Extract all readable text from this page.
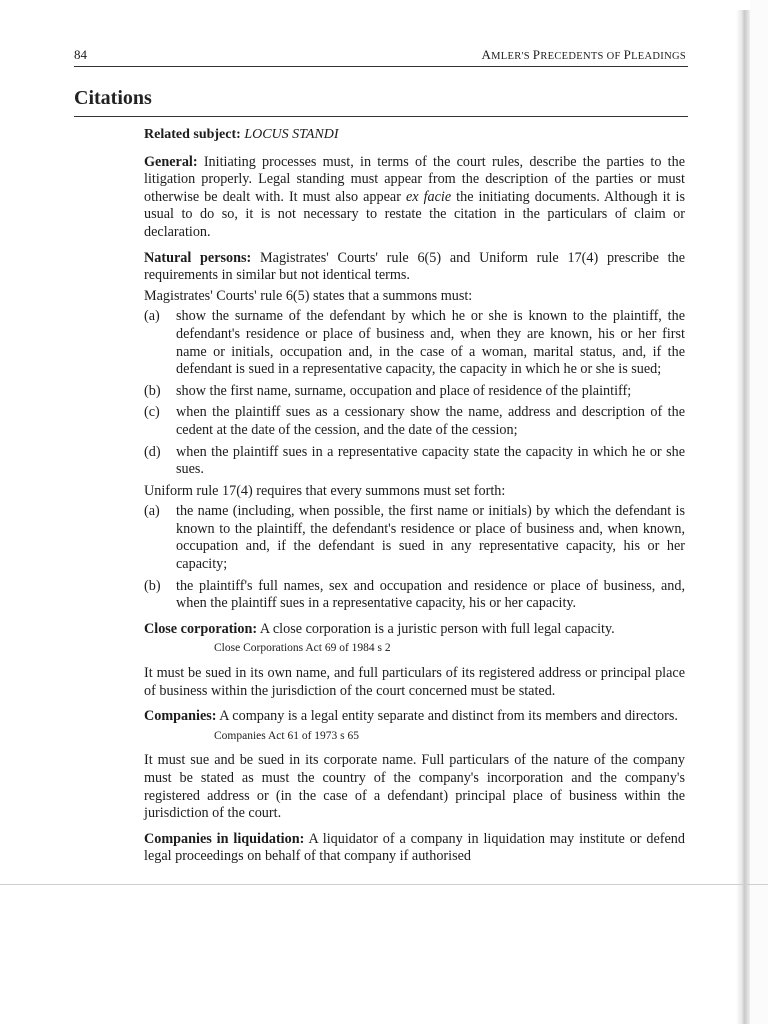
84	AMLER'S PRECEDENTS OF PLEADINGS
Citations

Related subject: LOCUS STANDI

General: Initiating processes must, in terms of the court rules, describe the parties to the litigation properly. Legal standing must appear from the description of the parties or must otherwise be dealt with. It must also appear ex facie the initiating documents. Although it is usual to do so, it is not necessary to restate the citation in the particulars of claim or declaration.

Natural persons: Magistrates' Courts' rule 6(5) and Uniform rule 17(4) prescribe the requirements in similar but not identical terms.

Magistrates' Courts' rule 6(5) states that a summons must:

(a) show the surname of the defendant by which he or she is known to the plaintiff, the defendant's residence or place of business and, when they are known, his or her first name or initials, occupation and, in the case of a woman, marital status, and, if the defendant is sued in a representative capacity, the capacity in which he or she is sued;
(b) show the first name, surname, occupation and place of residence of the plaintiff;
(c) when the plaintiff sues as a cessionary show the name, address and description of the cedent at the date of the cession, and the date of the cession;
(d) when the plaintiff sues in a representative capacity state the capacity in which he or she sues.

Uniform rule 17(4) requires that every summons must set forth:

(a) the name (including, when possible, the first name or initials) by which the defendant is known to the plaintiff, the defendant's residence or place of business and, when known, occupation and, if the defendant is sued in any representative capacity, his or her capacity;
(b) the plaintiff's full names, sex and occupation and residence or place of business, and, when the plaintiff sues in a representative capacity, his or her capacity.

Close corporation: A close corporation is a juristic person with full legal capacity.

Close Corporations Act 69 of 1984 s 2

It must be sued in its own name, and full particulars of its registered address or principal place of business within the jurisdiction of the court concerned must be stated.

Companies: A company is a legal entity separate and distinct from its members and directors.

Companies Act 61 of 1973 s 65

It must sue and be sued in its corporate name. Full particulars of the nature of the company must be stated as must the country of the company's incorporation and the company's registered address or (in the case of a defendant) principal place of business within the jurisdiction of the court.

Companies in liquidation: A liquidator of a company in liquidation may institute or defend legal proceedings on behalf of that company if authorised
